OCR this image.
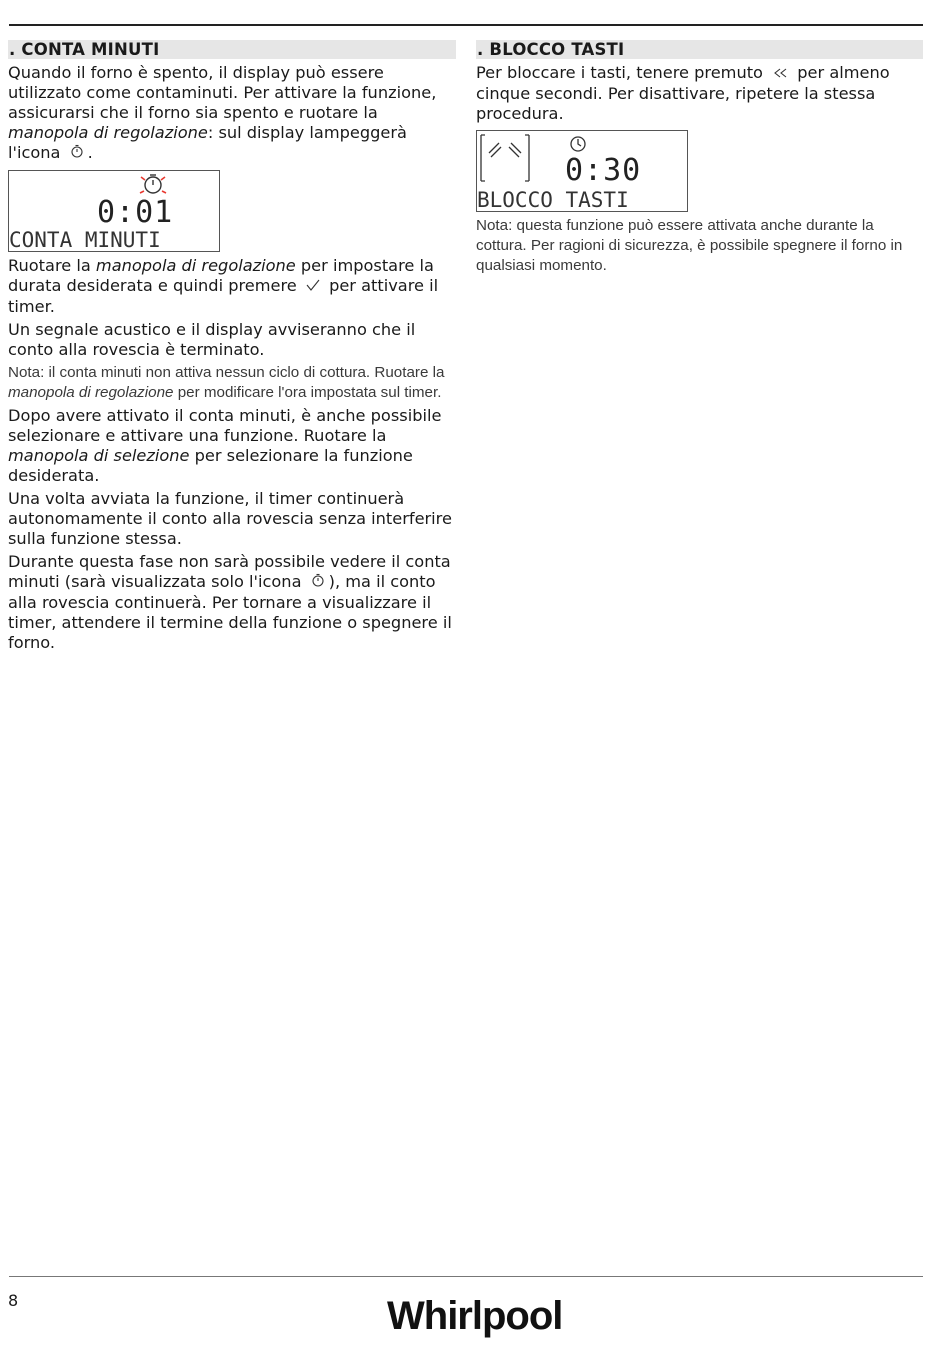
. CONTA MINUTI
Quando il forno è spento, il display può essere utilizzato come contaminuti. Per attivare la funzione, assicurarsi che il forno sia spento e ruotare la manopola di regolazione: sul display lampeggerà l'icona .
0:01
CONTA MINUTI
Ruotare la manopola di regolazione per impostare la durata desiderata e quindi premere per attivare il timer.
Un segnale acustico e il display avviseranno che il conto alla rovescia è terminato.
Nota: il conta minuti non attiva nessun ciclo di cottura. Ruotare la manopola di regolazione per modificare l'ora impostata sul timer.
Dopo avere attivato il conta minuti, è anche possibile selezionare e attivare una funzione. Ruotare la manopola di selezione per selezionare la funzione desiderata.
Una volta avviata la funzione, il timer continuerà autonomamente il conto alla rovescia senza interferire sulla funzione stessa.
Durante questa fase non sarà possibile vedere il conta minuti (sarà visualizzata solo l'icona ), ma il conto alla rovescia continuerà. Per tornare a visualizzare il timer, attendere il termine della funzione o spegnere il forno.
. BLOCCO TASTI
Per bloccare i tasti, tenere premuto per almeno cinque secondi. Per disattivare, ripetere la stessa procedura.
0:30
BLOCCO TASTI
Nota: questa funzione può essere attivata anche durante la cottura. Per ragioni di sicurezza, è possibile spegnere il forno in qualsiasi momento.
8	Whirlpool
